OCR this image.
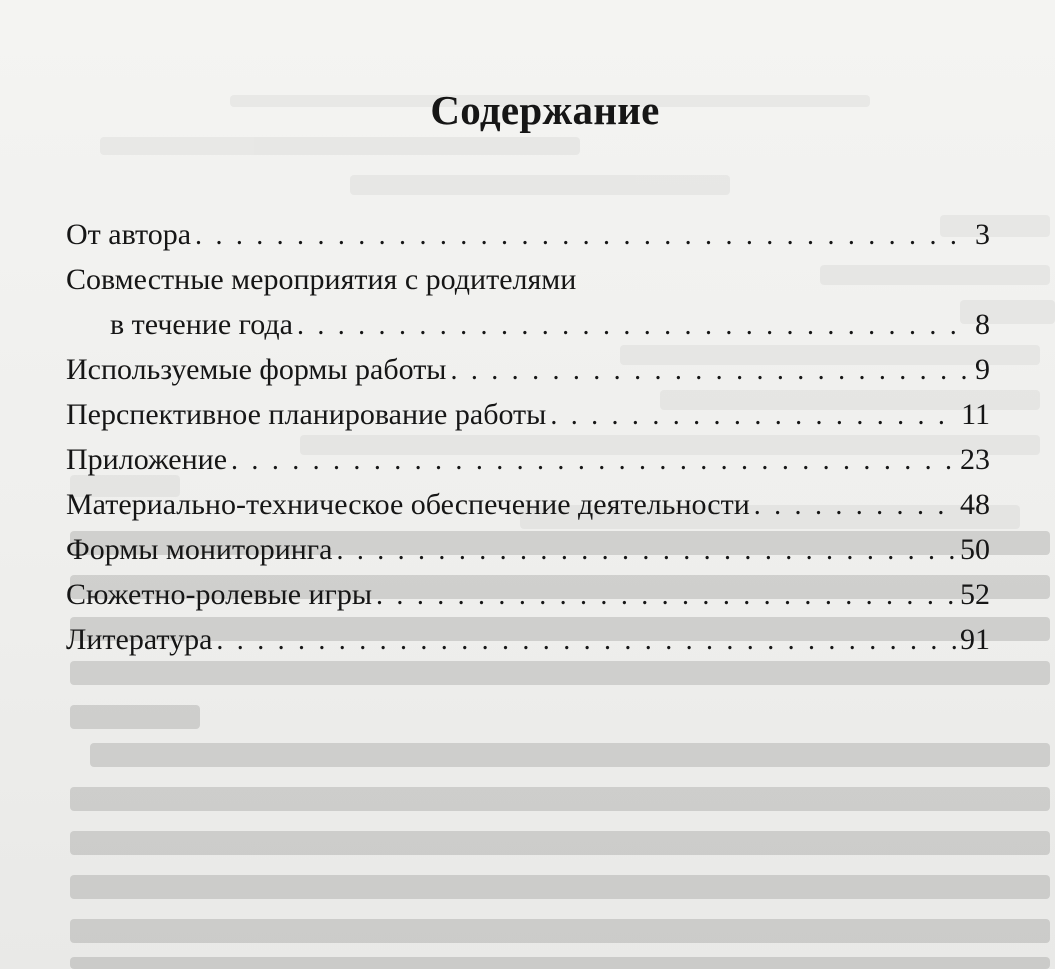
Содержание
От автора . . .	3
Совместные мероприятия с родителями
в течение года . . .	8
Используемые формы работы . . .	9
Перспективное планирование работы . . .	11
Приложение . . .	23
Материально-техническое обеспечение деятельности . . .	48
Формы мониторинга . . .	50
Сюжетно-ролевые игры . . .	52
Литература . . .	91
